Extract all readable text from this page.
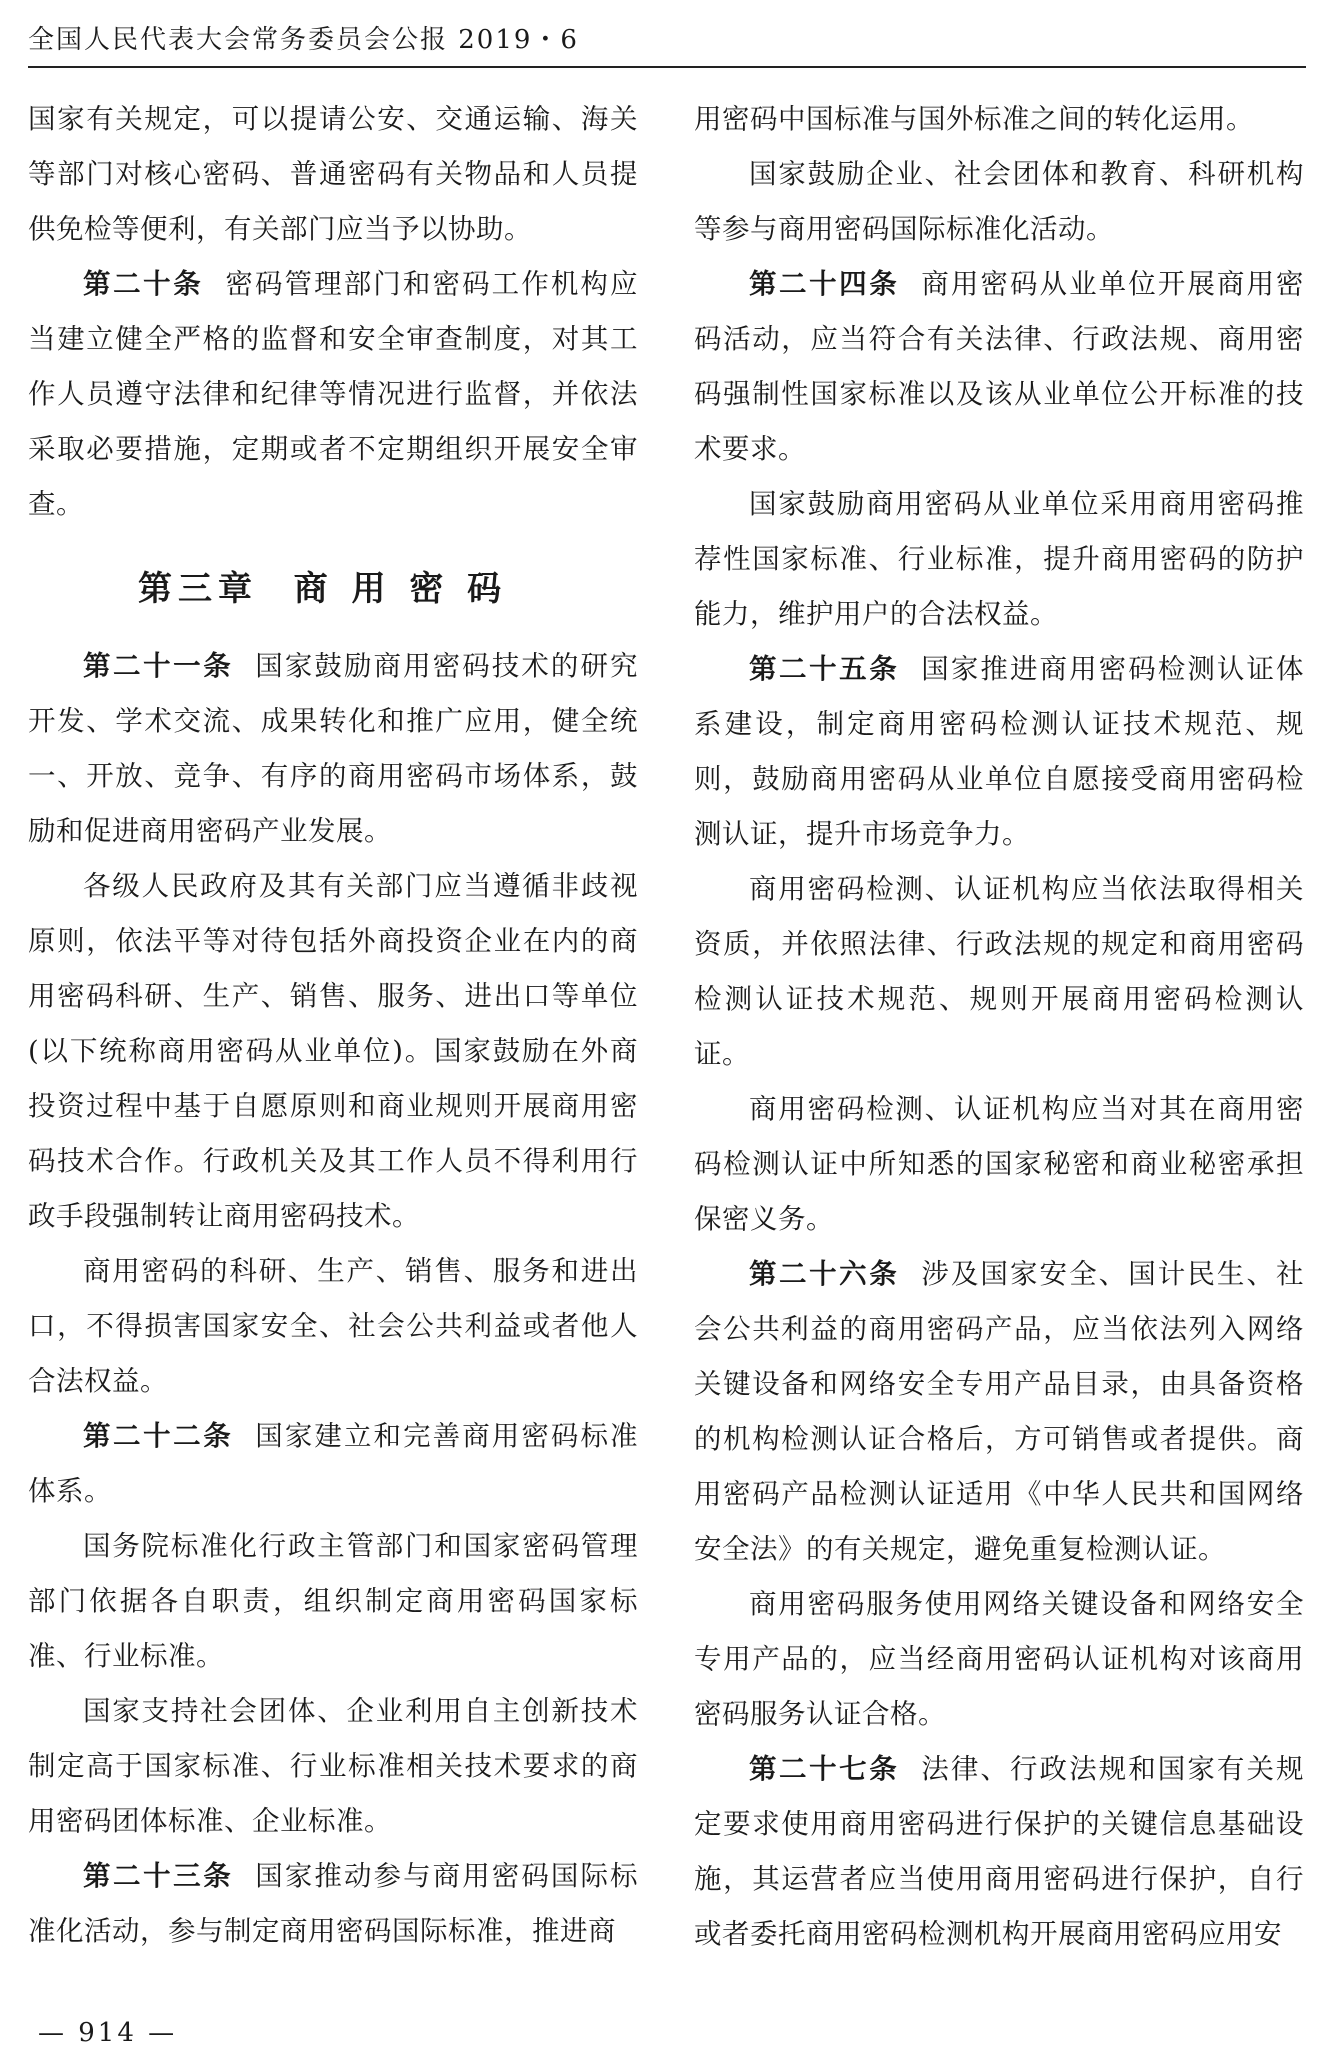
全国人民代表大会常务委员会公报 2019・6

国家有关规定，可以提请公安、交通运输、海关等部门对核心密码、普通密码有关物品和人员提供免检等便利，有关部门应当予以协助。

第二十条 密码管理部门和密码工作机构应当建立健全严格的监督和安全审查制度，对其工作人员遵守法律和纪律等情况进行监督，并依法采取必要措施，定期或者不定期组织开展安全审查。

第三章  商 用 密 码

第二十一条 国家鼓励商用密码技术的研究开发、学术交流、成果转化和推广应用，健全统一、开放、竞争、有序的商用密码市场体系，鼓励和促进商用密码产业发展。

各级人民政府及其有关部门应当遵循非歧视原则，依法平等对待包括外商投资企业在内的商用密码科研、生产、销售、服务、进出口等单位(以下统称商用密码从业单位)。国家鼓励在外商投资过程中基于自愿原则和商业规则开展商用密码技术合作。行政机关及其工作人员不得利用行政手段强制转让商用密码技术。

商用密码的科研、生产、销售、服务和进出口，不得损害国家安全、社会公共利益或者他人合法权益。

第二十二条 国家建立和完善商用密码标准体系。

国务院标准化行政主管部门和国家密码管理部门依据各自职责，组织制定商用密码国家标准、行业标准。

国家支持社会团体、企业利用自主创新技术制定高于国家标准、行业标准相关技术要求的商用密码团体标准、企业标准。

第二十三条 国家推动参与商用密码国际标准化活动，参与制定商用密码国际标准，推进商

用密码中国标准与国外标准之间的转化运用。

国家鼓励企业、社会团体和教育、科研机构等参与商用密码国际标准化活动。

第二十四条 商用密码从业单位开展商用密码活动，应当符合有关法律、行政法规、商用密码强制性国家标准以及该从业单位公开标准的技术要求。

国家鼓励商用密码从业单位采用商用密码推荐性国家标准、行业标准，提升商用密码的防护能力，维护用户的合法权益。

第二十五条 国家推进商用密码检测认证体系建设，制定商用密码检测认证技术规范、规则，鼓励商用密码从业单位自愿接受商用密码检测认证，提升市场竞争力。

商用密码检测、认证机构应当依法取得相关资质，并依照法律、行政法规的规定和商用密码检测认证技术规范、规则开展商用密码检测认证。

商用密码检测、认证机构应当对其在商用密码检测认证中所知悉的国家秘密和商业秘密承担保密义务。

第二十六条 涉及国家安全、国计民生、社会公共利益的商用密码产品，应当依法列入网络关键设备和网络安全专用产品目录，由具备资格的机构检测认证合格后，方可销售或者提供。商用密码产品检测认证适用《中华人民共和国网络安全法》的有关规定，避免重复检测认证。

商用密码服务使用网络关键设备和网络安全专用产品的，应当经商用密码认证机构对该商用密码服务认证合格。

第二十七条 法律、行政法规和国家有关规定要求使用商用密码进行保护的关键信息基础设施，其运营者应当使用商用密码进行保护，自行或者委托商用密码检测机构开展商用密码应用安

— 914 —
